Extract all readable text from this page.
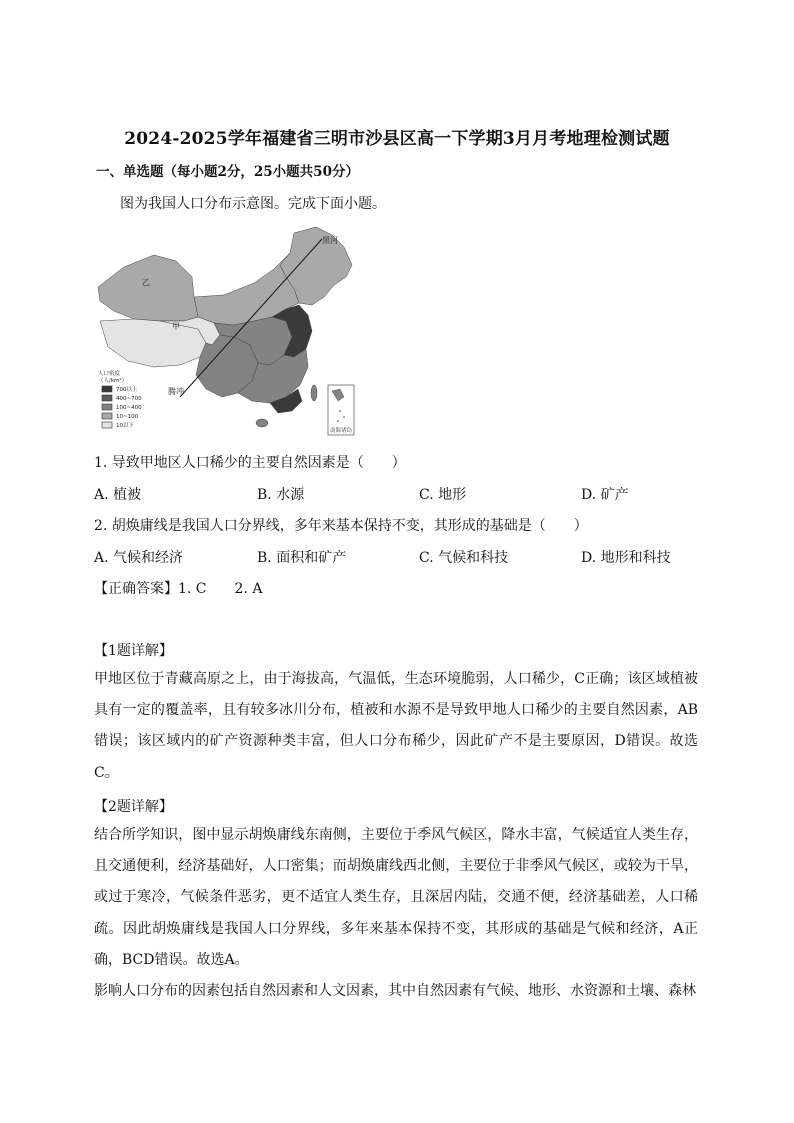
2024-2025学年福建省三明市沙县区高一下学期3月月考地理检测试题
一、单选题（每小题2分，25小题共50分）
图为我国人口分布示意图。完成下面小题。
黑河
腾冲
甲
乙
人口密度
（人/km²）
700以上
400~700
100~400
10~100
10以下
南海诸岛
1. 导致甲地区人口稀少的主要自然因素是（　　）
A. 植被	B. 水源	C. 地形	D. 矿产
2. 胡焕庸线是我国人口分界线，多年来基本保持不变，其形成的基础是（　　）
A. 气候和经济	B. 面积和矿产	C. 气候和科技	D. 地形和科技
【正确答案】1. C　　2. A
【1题详解】
甲地区位于青藏高原之上，由于海拔高，气温低，生态环境脆弱，人口稀少，C正确；该区域植被具有一定的覆盖率，且有较多冰川分布，植被和水源不是导致甲地人口稀少的主要自然因素，AB错误；该区域内的矿产资源种类丰富，但人口分布稀少，因此矿产不是主要原因，D错误。故选C。
【2题详解】
结合所学知识，图中显示胡焕庸线东南侧，主要位于季风气候区，降水丰富，气候适宜人类生存，且交通便利，经济基础好，人口密集；而胡焕庸线西北侧，主要位于非季风气候区，或较为干旱，或过于寒冷，气候条件恶劣，更不适宜人类生存，且深居内陆，交通不便，经济基础差，人口稀疏。因此胡焕庸线是我国人口分界线，多年来基本保持不变，其形成的基础是气候和经济，A正确，BCD错误。故选A。
影响人口分布的因素包括自然因素和人文因素，其中自然因素有气候、地形、水资源和土壤、森林
